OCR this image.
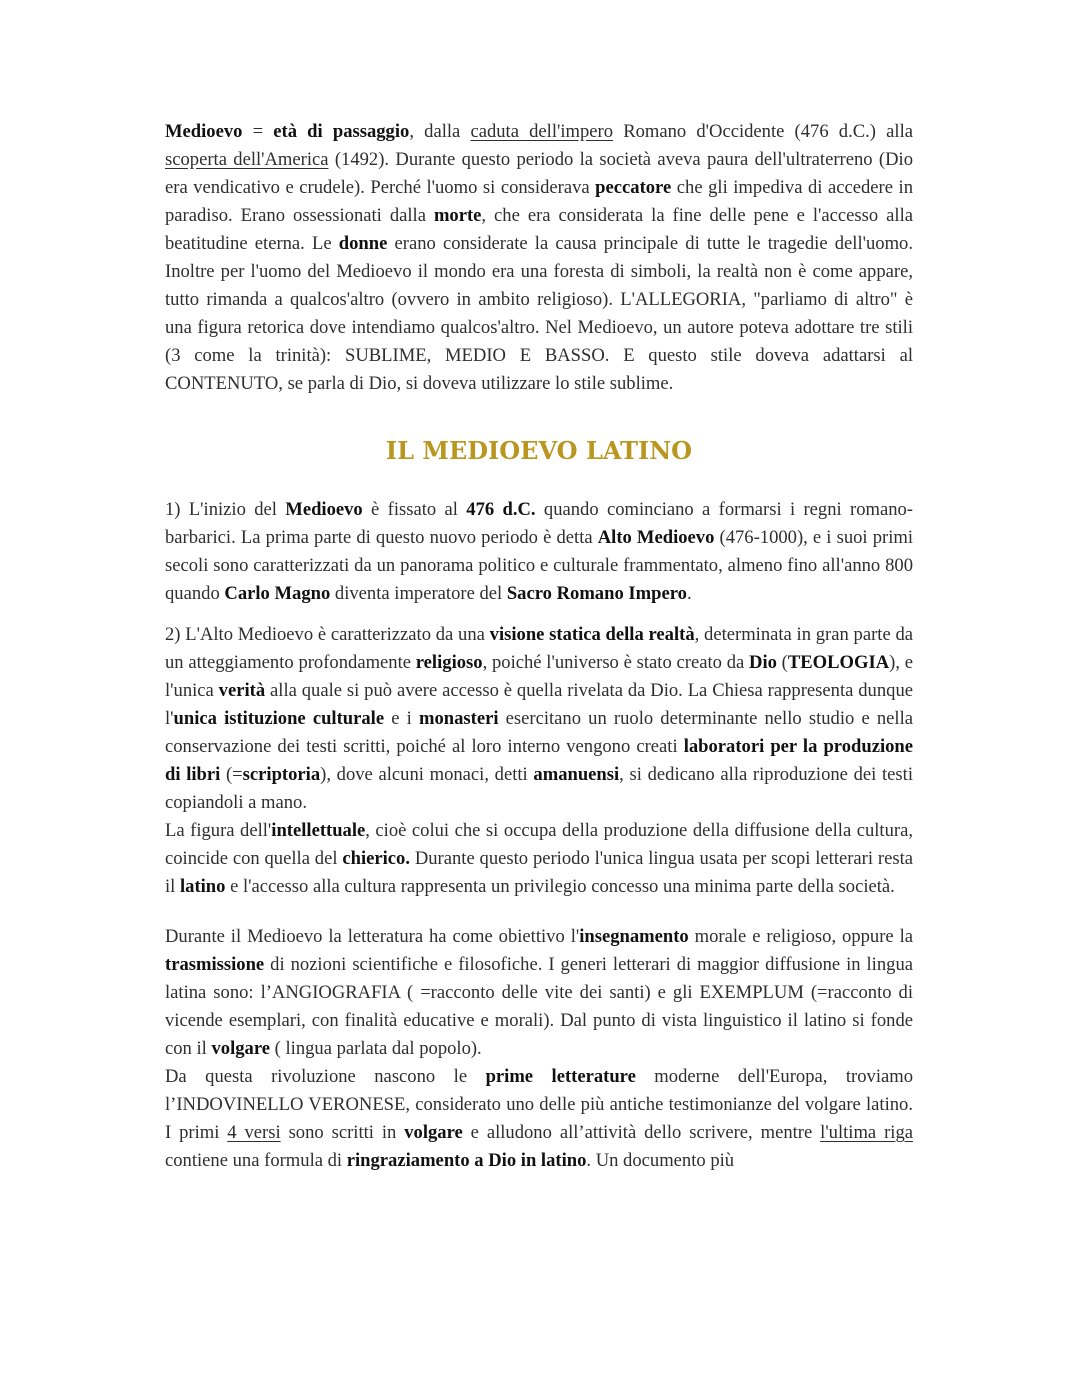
Medioevo = età di passaggio, dalla caduta dell'impero Romano d'Occidente (476 d.C.) alla scoperta dell'America (1492). Durante questo periodo la società aveva paura dell'ultraterreno (Dio era vendicativo e crudele). Perché l'uomo si considerava peccatore che gli impediva di accedere in paradiso. Erano ossessionati dalla morte, che era considerata la fine delle pene e l'accesso alla beatitudine eterna. Le donne erano considerate la causa principale di tutte le tragedie dell'uomo. Inoltre per l'uomo del Medioevo il mondo era una foresta di simboli, la realtà non è come appare, tutto rimanda a qualcos'altro (ovvero in ambito religioso). L'ALLEGORIA, "parliamo di altro" è una figura retorica dove intendiamo qualcos'altro. Nel Medioevo, un autore poteva adottare tre stili (3 come la trinità): SUBLIME, MEDIO E BASSO. E questo stile doveva adattarsi al CONTENUTO, se parla di Dio, si doveva utilizzare lo stile sublime.

IL MEDIOEVO LATINO

1) L'inizio del Medioevo è fissato al 476 d.C. quando cominciano a formarsi i regni romano-barbarici. La prima parte di questo nuovo periodo è detta Alto Medioevo (476-1000), e i suoi primi secoli sono caratterizzati da un panorama politico e culturale frammentato, almeno fino all'anno 800 quando Carlo Magno diventa imperatore del Sacro Romano Impero.

2) L'Alto Medioevo è caratterizzato da una visione statica della realtà, determinata in gran parte da un atteggiamento profondamente religioso, poiché l'universo è stato creato da Dio (TEOLOGIA), e l'unica verità alla quale si può avere accesso è quella rivelata da Dio. La Chiesa rappresenta dunque l'unica istituzione culturale e i monasteri esercitano un ruolo determinante nello studio e nella conservazione dei testi scritti, poiché al loro interno vengono creati laboratori per la produzione di libri (=scriptoria), dove alcuni monaci, detti amanuensi, si dedicano alla riproduzione dei testi copiandoli a mano.

La figura dell'intellettuale, cioè colui che si occupa della produzione della diffusione della cultura, coincide con quella del chierico. Durante questo periodo l'unica lingua usata per scopi letterari resta il latino e l'accesso alla cultura rappresenta un privilegio concesso una minima parte della società.

Durante il Medioevo la letteratura ha come obiettivo l'insegnamento morale e religioso, oppure la trasmissione di nozioni scientifiche e filosofiche. I generi letterari di maggior diffusione in lingua latina sono: l’ANGIOGRAFIA ( =racconto delle vite dei santi) e gli EXEMPLUM (=racconto di vicende esemplari, con finalità educative e morali). Dal punto di vista linguistico il latino si fonde con il volgare ( lingua parlata dal popolo).

Da questa rivoluzione nascono le prime letterature moderne dell'Europa, troviamo l’INDOVINELLO VERONESE, considerato uno delle più antiche testimonianze del volgare latino. I primi 4 versi sono scritti in volgare e alludono all’attività dello scrivere, mentre l'ultima riga contiene una formula di ringraziamento a Dio in latino. Un documento più
